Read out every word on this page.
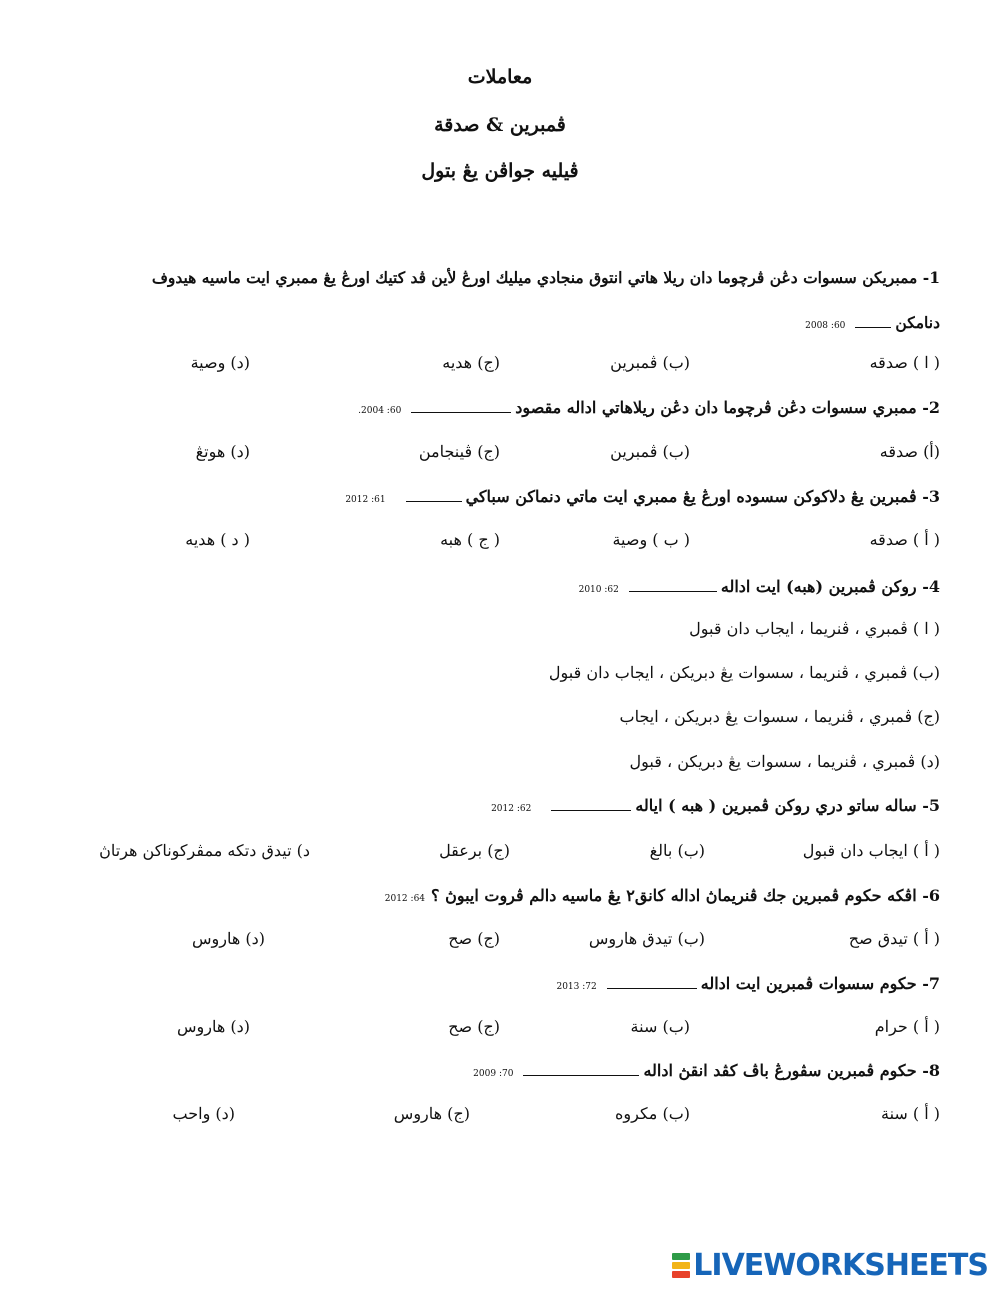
معاملات
ڤمبرين & صدقة
ڤيليه جواڤن يڠ بتول
1- ممبريکن سسوات دڠن ڤرچوما دان ريلا هاتي انتوق منجادي ميليك اورڠ لأين ڤد كتيك اورڠ يڠ ممبري ايت ماسيه هيدوف
دنامکن60: 2008
( ا ) صدقه
(ب) ڤمبرين
(ج) هديه
(د) وصية
2- ممبري سسوات دڠن ڤرچوما دان دڠن ريلاهاتي اداله مقصود60: 2004.
(أ) صدقه
(ب) ڤمبرين
(ج) ڤينجامن
(د) هوتڠ
3- ڤمبرين يڠ دلاكوكن سسوده اورڠ يڠ ممبري ايت ماتي دنماکن سباکي61: 2012
( أ ) صدقه
( ب ) وصية
( ج ) هبه
( د ) هديه
4- روکن ڤمبرين (هبه) ايت اداله62: 2010
( ا ) ڤمبري ، ڤنريما ، ايجاب دان قبول
(ب) ڤمبري ، ڤنريما ، سسوات يڠ دبريکن ، ايجاب دان قبول
(ج) ڤمبري ، ڤنريما ، سسوات يڠ دبريکن ، ايجاب
(د) ڤمبري ، ڤنريما ، سسوات يڠ دبريکن ، قبول
5- ساله ساتو دري روکن ڤمبرين ( هبه ) اياله62: 2012
( أ ) ايجاب دان قبول
(ب) بالغ
(ج) برعقل
د) تيدق دتكه ممڤرکوناکن هرتاڽ
6- اڤکه حکوم ڤمبرين جك ڤنريماڽ اداله كانق٢ يڠ ماسيه دالم ڤروت ايبوڽ ؟64: 2012
( أ ) تيدق صح
(ب) تيدق هاروس
(ج) صح
(د) هاروس
7- حکوم سسوات ڤمبرين ايت اداله72: 2013
( أ ) حرام
(ب) سنة
(ج) صح
(د) هاروس
8- حکوم ڤمبرين سڤورڠ باڤ كڤد انقڽ اداله70: 2009
( أ ) سنة
(ب) مكروه
(ج) هاروس
(د) واحب
LIVEWORKSHEETS
